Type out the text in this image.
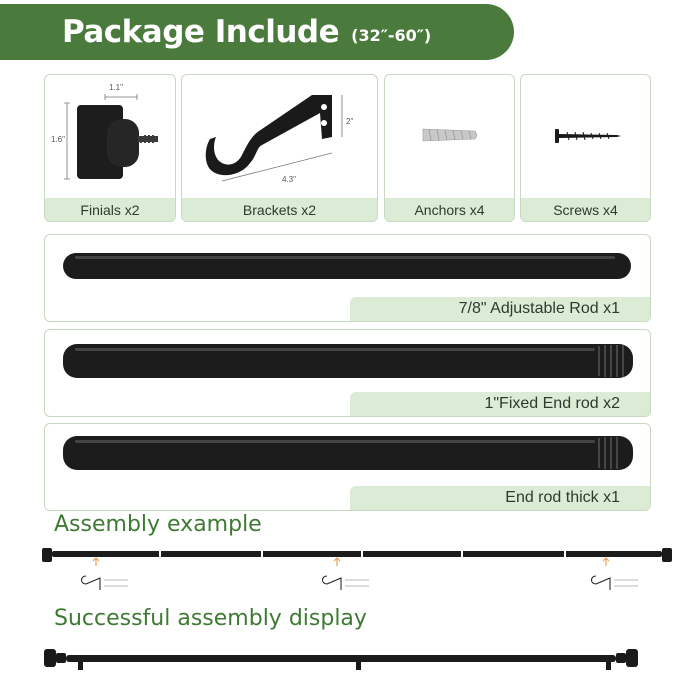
Package Include (32″-60″)
1.1"
1.6"
Finials x2
2"
4.3"
Brackets x2	Anchors x4	Screws x4
7/8" Adjustable Rod x1
1"Fixed End rod x2
End rod thick x1
Assembly example
Successful assembly display
